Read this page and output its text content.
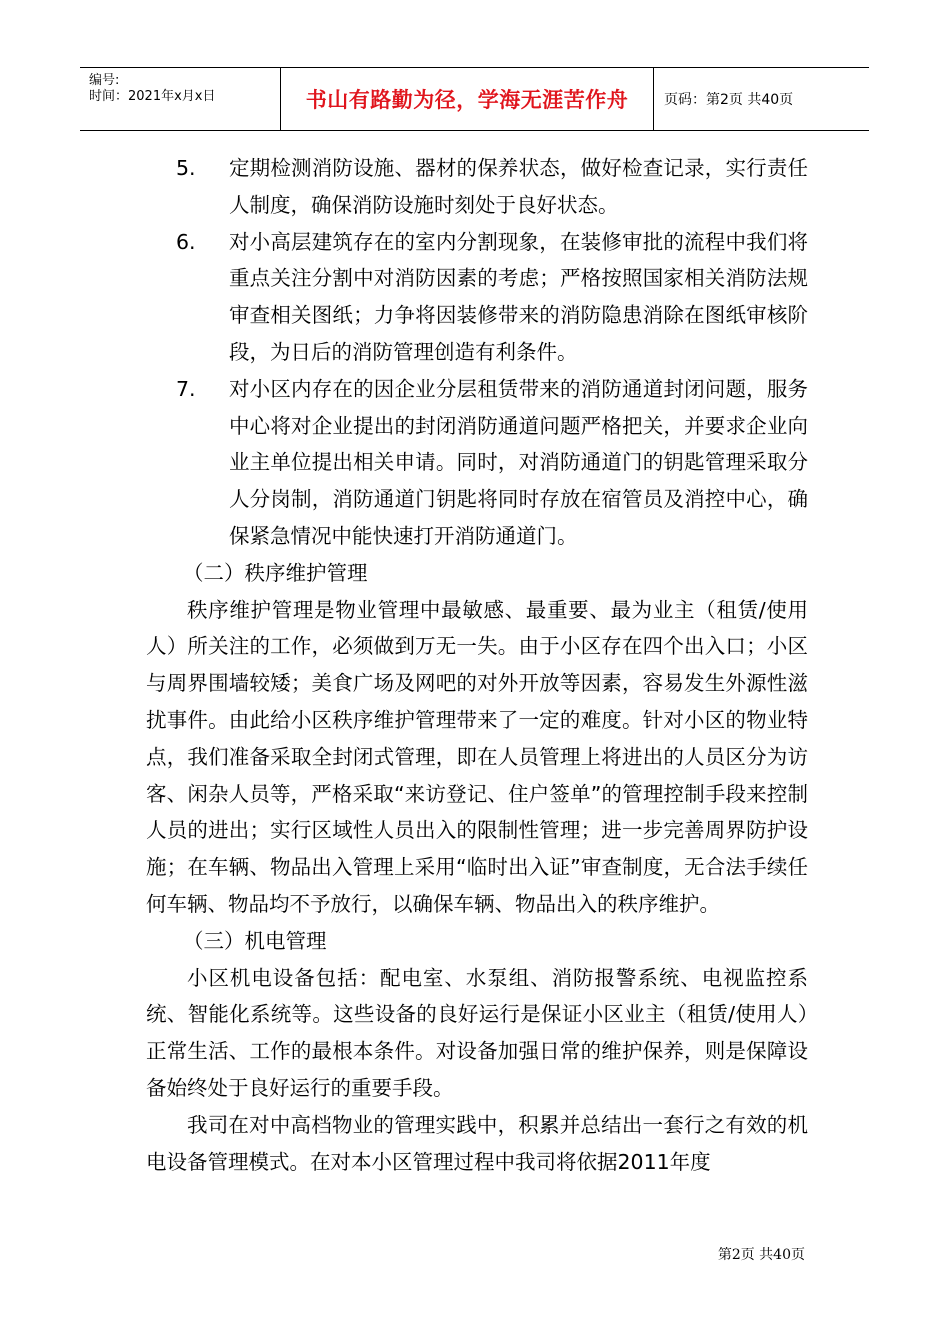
编号:
时间：2021年x月x日	书山有路勤为径，学海无涯苦作舟	页码：第2页 共40页
5.	定期检测消防设施、器材的保养状态，做好检查记录，实行责任人制度，确保消防设施时刻处于良好状态。
6.	对小高层建筑存在的室内分割现象，在装修审批的流程中我们将重点关注分割中对消防因素的考虑；严格按照国家相关消防法规审查相关图纸；力争将因装修带来的消防隐患消除在图纸审核阶段，为日后的消防管理创造有利条件。
7.	对小区内存在的因企业分层租赁带来的消防通道封闭问题，服务中心将对企业提出的封闭消防通道问题严格把关，并要求企业向业主单位提出相关申请。同时，对消防通道门的钥匙管理采取分人分岗制，消防通道门钥匙将同时存放在宿管员及消控中心，确保紧急情况中能快速打开消防通道门。

（二）秩序维护管理

秩序维护管理是物业管理中最敏感、最重要、最为业主（租赁/使用人）所关注的工作，必须做到万无一失。由于小区存在四个出入口；小区与周界围墙较矮；美食广场及网吧的对外开放等因素，容易发生外源性滋扰事件。由此给小区秩序维护管理带来了一定的难度。针对小区的物业特点，我们准备采取全封闭式管理，即在人员管理上将进出的人员区分为访客、闲杂人员等，严格采取“来访登记、住户签单”的管理控制手段来控制人员的进出；实行区域性人员出入的限制性管理；进一步完善周界防护设施；在车辆、物品出入管理上采用“临时出入证”审查制度，无合法手续任何车辆、物品均不予放行，以确保车辆、物品出入的秩序维护。

（三）机电管理

小区机电设备包括：配电室、水泵组、消防报警系统、电视监控系统、智能化系统等。这些设备的良好运行是保证小区业主（租赁/使用人）正常生活、工作的最根本条件。对设备加强日常的维护保养，则是保障设备始终处于良好运行的重要手段。

我司在对中高档物业的管理实践中，积累并总结出一套行之有效的机电设备管理模式。在对本小区管理过程中我司将依据2011年度

第2页 共40页
